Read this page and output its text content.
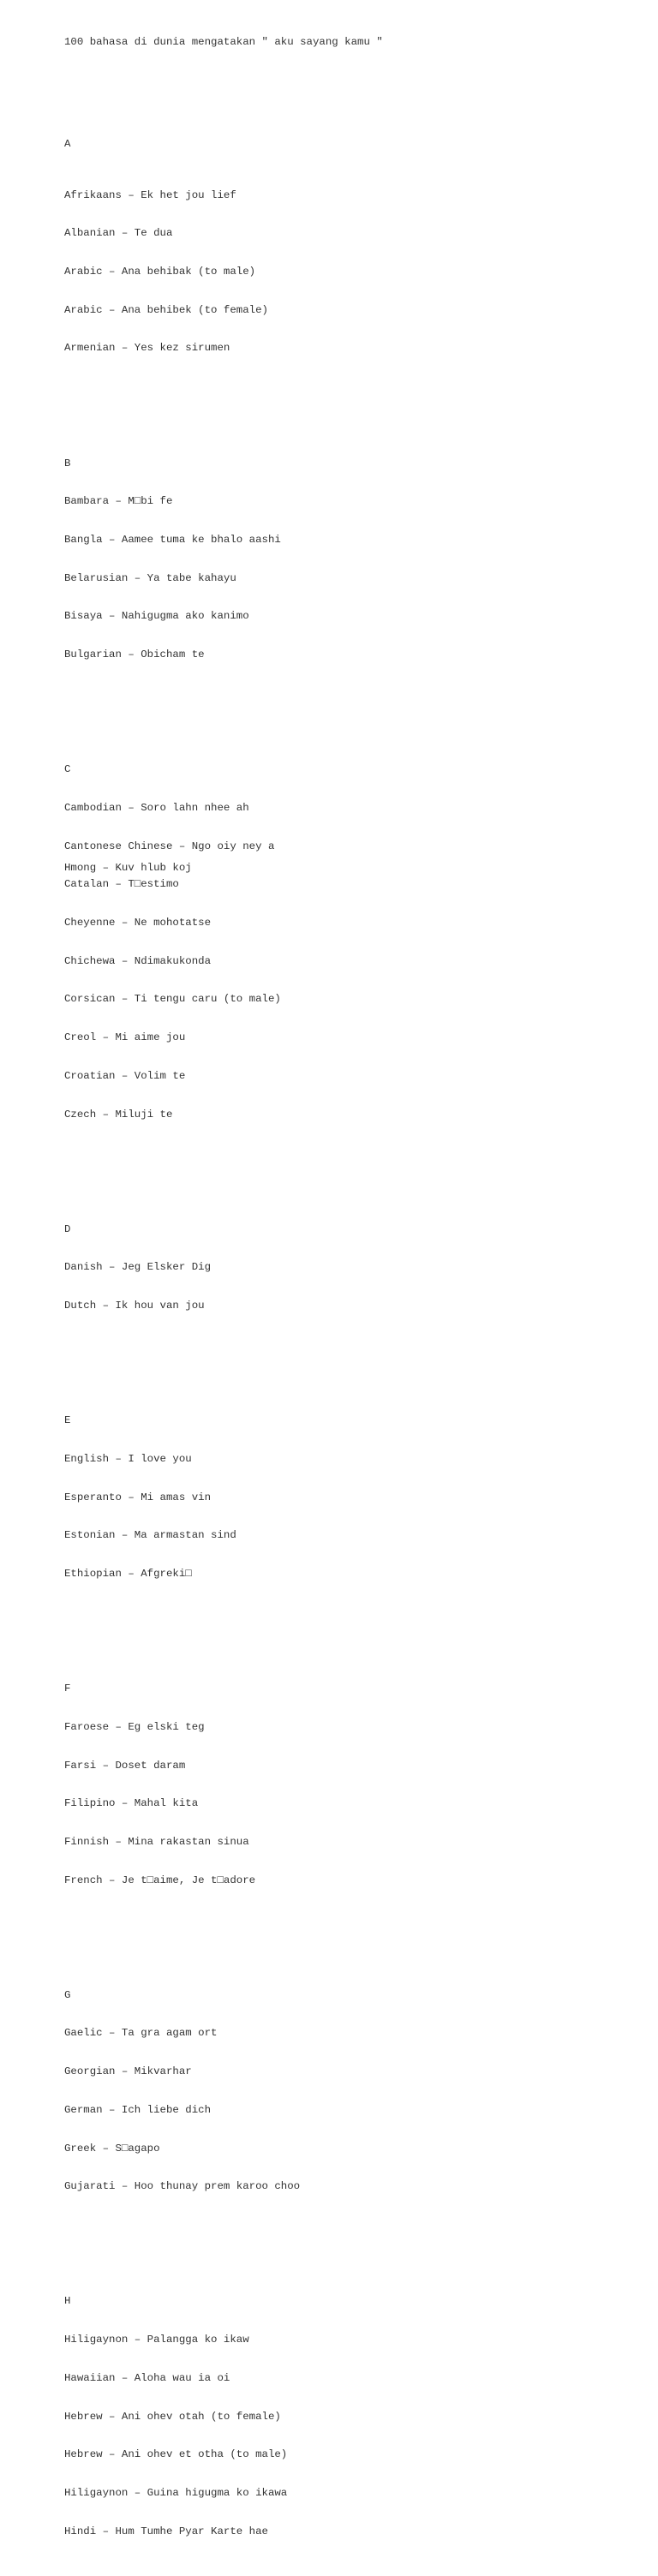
100 bahasa di dunia mengatakan " aku sayang kamu "

A

Afrikaans – Ek het jou lief

Albanian – Te dua

Arabic – Ana behibak (to male)

Arabic – Ana behibek (to female)

Armenian – Yes kez sirumen

B

Bambara – M□bi fe

Bangla – Aamee tuma ke bhalo aashi

Belarusian – Ya tabe kahayu

Bisaya – Nahigugma ako kanimo

Bulgarian – Obicham te

C

Cambodian – Soro lahn nhee ah

Cantonese Chinese – Ngo oiy ney a

Catalan – T□estimo

Cheyenne – Ne mohotatse

Chichewa – Ndimakukonda

Corsican – Ti tengu caru (to male)

Creol – Mi aime jou

Croatian – Volim te

Czech – Miluji te

D

Danish – Jeg Elsker Dig

Dutch – Ik hou van jou

E

English – I love you

Esperanto – Mi amas vin

Estonian – Ma armastan sind

Ethiopian – Afgreki□

F

Faroese – Eg elski teg

Farsi – Doset daram

Filipino – Mahal kita

Finnish – Mina rakastan sinua

French – Je t□aime, Je t□adore

G

Gaelic – Ta gra agam ort

Georgian – Mikvarhar

German – Ich liebe dich

Greek – S□agapo

Gujarati – Hoo thunay prem karoo choo

H

Hiligaynon – Palangga ko ikaw

Hawaiian – Aloha wau ia oi

Hebrew – Ani ohev otah (to female)

Hebrew – Ani ohev et otha (to male)

Hiligaynon – Guina higugma ko ikawa

Hindi – Hum Tumhe Pyar Karte hae

Hmong – Kuv hlub koj
